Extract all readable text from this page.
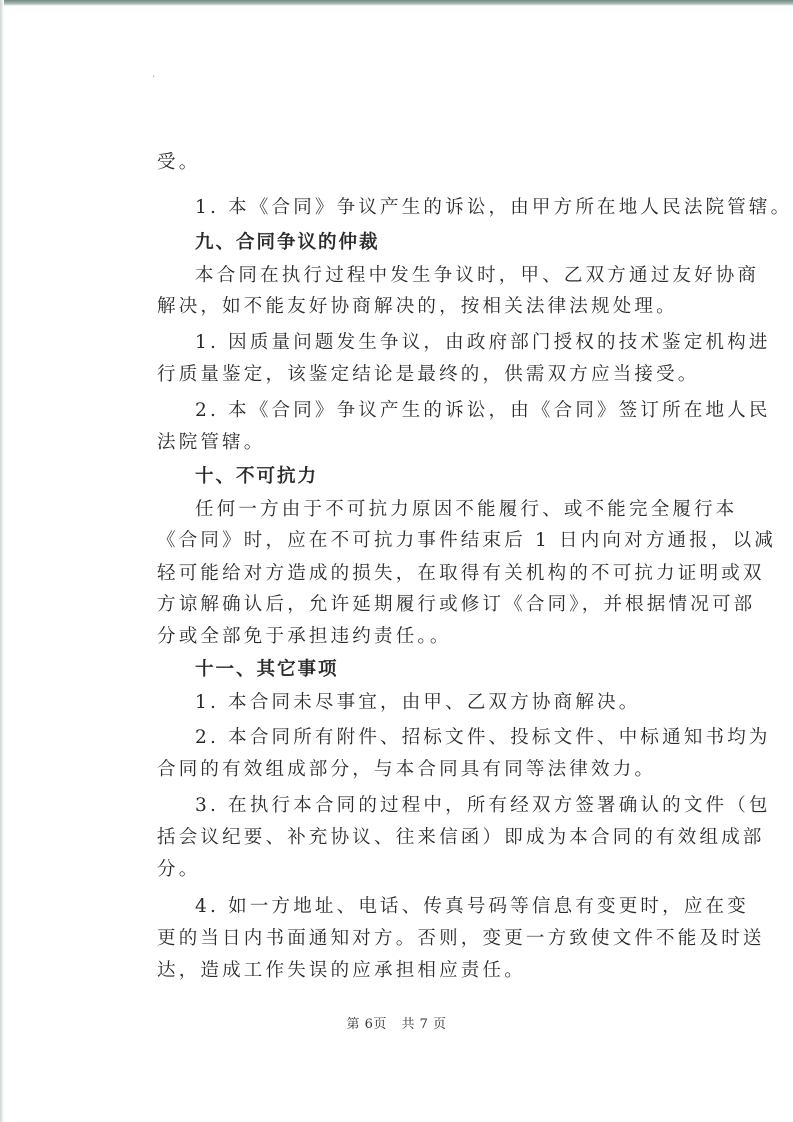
·
受。
1. 本《合同》争议产生的诉讼，由甲方所在地人民法院管辖。
九、合同争议的仲裁
本合同在执行过程中发生争议时，甲、乙双方通过友好协商
解决，如不能友好协商解决的，按相关法律法规处理。
1. 因质量问题发生争议，由政府部门授权的技术鉴定机构进
行质量鉴定，该鉴定结论是最终的，供需双方应当接受。
2. 本《合同》争议产生的诉讼，由《合同》签订所在地人民
法院管辖。
十、不可抗力
任何一方由于不可抗力原因不能履行、或不能完全履行本
《合同》时，应在不可抗力事件结束后 1 日内向对方通报，以减
轻可能给对方造成的损失，在取得有关机构的不可抗力证明或双
方谅解确认后，允许延期履行或修订《合同》，并根据情况可部
分或全部免于承担违约责任。。
十一、其它事项
1. 本合同未尽事宜，由甲、乙双方协商解决。
2. 本合同所有附件、招标文件、投标文件、中标通知书均为
合同的有效组成部分，与本合同具有同等法律效力。
3. 在执行本合同的过程中，所有经双方签署确认的文件（包
括会议纪要、补充协议、往来信函）即成为本合同的有效组成部
分。
4. 如一方地址、电话、传真号码等信息有变更时，应在变
更的当日内书面通知对方。否则，变更一方致使文件不能及时送
达，造成工作失误的应承担相应责任。
第 6页 共 7 页
